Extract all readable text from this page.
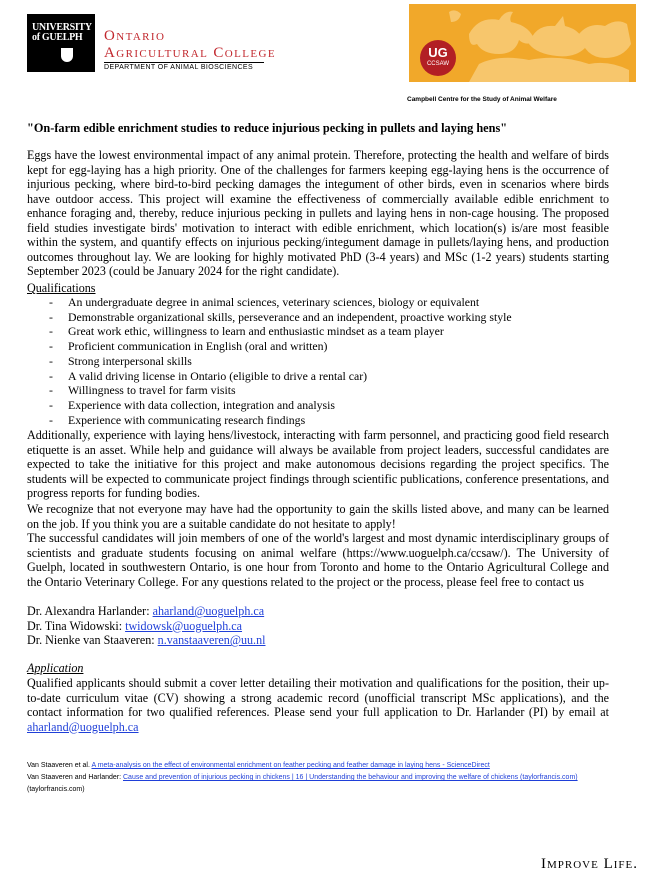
UNIVERSITY of GUELPH	Ontario
Agricultural College
DEPARTMENT OF ANIMAL BIOSCIENCES
UG
CCSAW
Campbell Centre for the Study of Animal Welfare
"On-farm edible enrichment studies to reduce injurious pecking in pullets and laying hens"

Eggs have the lowest environmental impact of any animal protein. Therefore, protecting the health and welfare of birds kept for egg-laying has a high priority. One of the challenges for farmers keeping egg-laying hens is the occurrence of injurious pecking, where bird-to-bird pecking damages the integument of other birds, even in scenarios where birds have outdoor access. This project will examine the effectiveness of commercially available edible enrichment to enhance foraging and, thereby, reduce injurious pecking in pullets and laying hens in non-cage housing. The proposed field studies investigate birds' motivation to interact with edible enrichment, which location(s) is/are most feasible within the system, and quantify effects on injurious pecking/integument damage in pullets/laying hens, and production outcomes throughout lay. We are looking for highly motivated PhD (3-4 years) and MSc (1-2 years) students starting September 2023 (could be January 2024 for the right candidate).

Qualifications
- An undergraduate degree in animal sciences, veterinary sciences, biology or equivalent
- Demonstrable organizational skills, perseverance and an independent, proactive working style
- Great work ethic, willingness to learn and enthusiastic mindset as a team player
- Proficient communication in English (oral and written)
- Strong interpersonal skills
- A valid driving license in Ontario (eligible to drive a rental car)
- Willingness to travel for farm visits
- Experience with data collection, integration and analysis
- Experience with communicating research findings

Additionally, experience with laying hens/livestock, interacting with farm personnel, and practicing good field research etiquette is an asset. While help and guidance will always be available from project leaders, successful candidates are expected to take the initiative for this project and make autonomous decisions regarding the project specifics. The students will be expected to communicate project findings through scientific publications, conference presentations, and progress reports for funding bodies.

We recognize that not everyone may have had the opportunity to gain the skills listed above, and many can be learned on the job. If you think you are a suitable candidate do not hesitate to apply!

The successful candidates will join members of one of the world's largest and most dynamic interdisciplinary groups of scientists and graduate students focusing on animal welfare (https://www.uoguelph.ca/ccsaw/). The University of Guelph, located in southwestern Ontario, is one hour from Toronto and home to the Ontario Agricultural College and the Ontario Veterinary College. For any questions related to the project or the process, please feel free to contact us

Dr. Alexandra Harlander: aharland@uoguelph.ca
Dr. Tina Widowski: twidowsk@uoguelph.ca
Dr. Nienke van Staaveren: n.vanstaaveren@uu.nl
Application

Qualified applicants should submit a cover letter detailing their motivation and qualifications for the position, their up-to-date curriculum vitae (CV) showing a strong academic record (unofficial transcript MSc applications), and the contact information for two qualified references. Please send your full application to Dr. Harlander (PI) by email at aharland@uoguelph.ca

Van Staaveren et al. A meta-analysis on the effect of environmental enrichment on feather pecking and feather damage in laying hens - ScienceDirect
Van Staaveren and Harlander: Cause and prevention of injurious pecking in chickens | 16 | Understanding the behaviour and improving the welfare of chickens (taylorfrancis.com) (taylorfrancis.com)
Improve Life.
